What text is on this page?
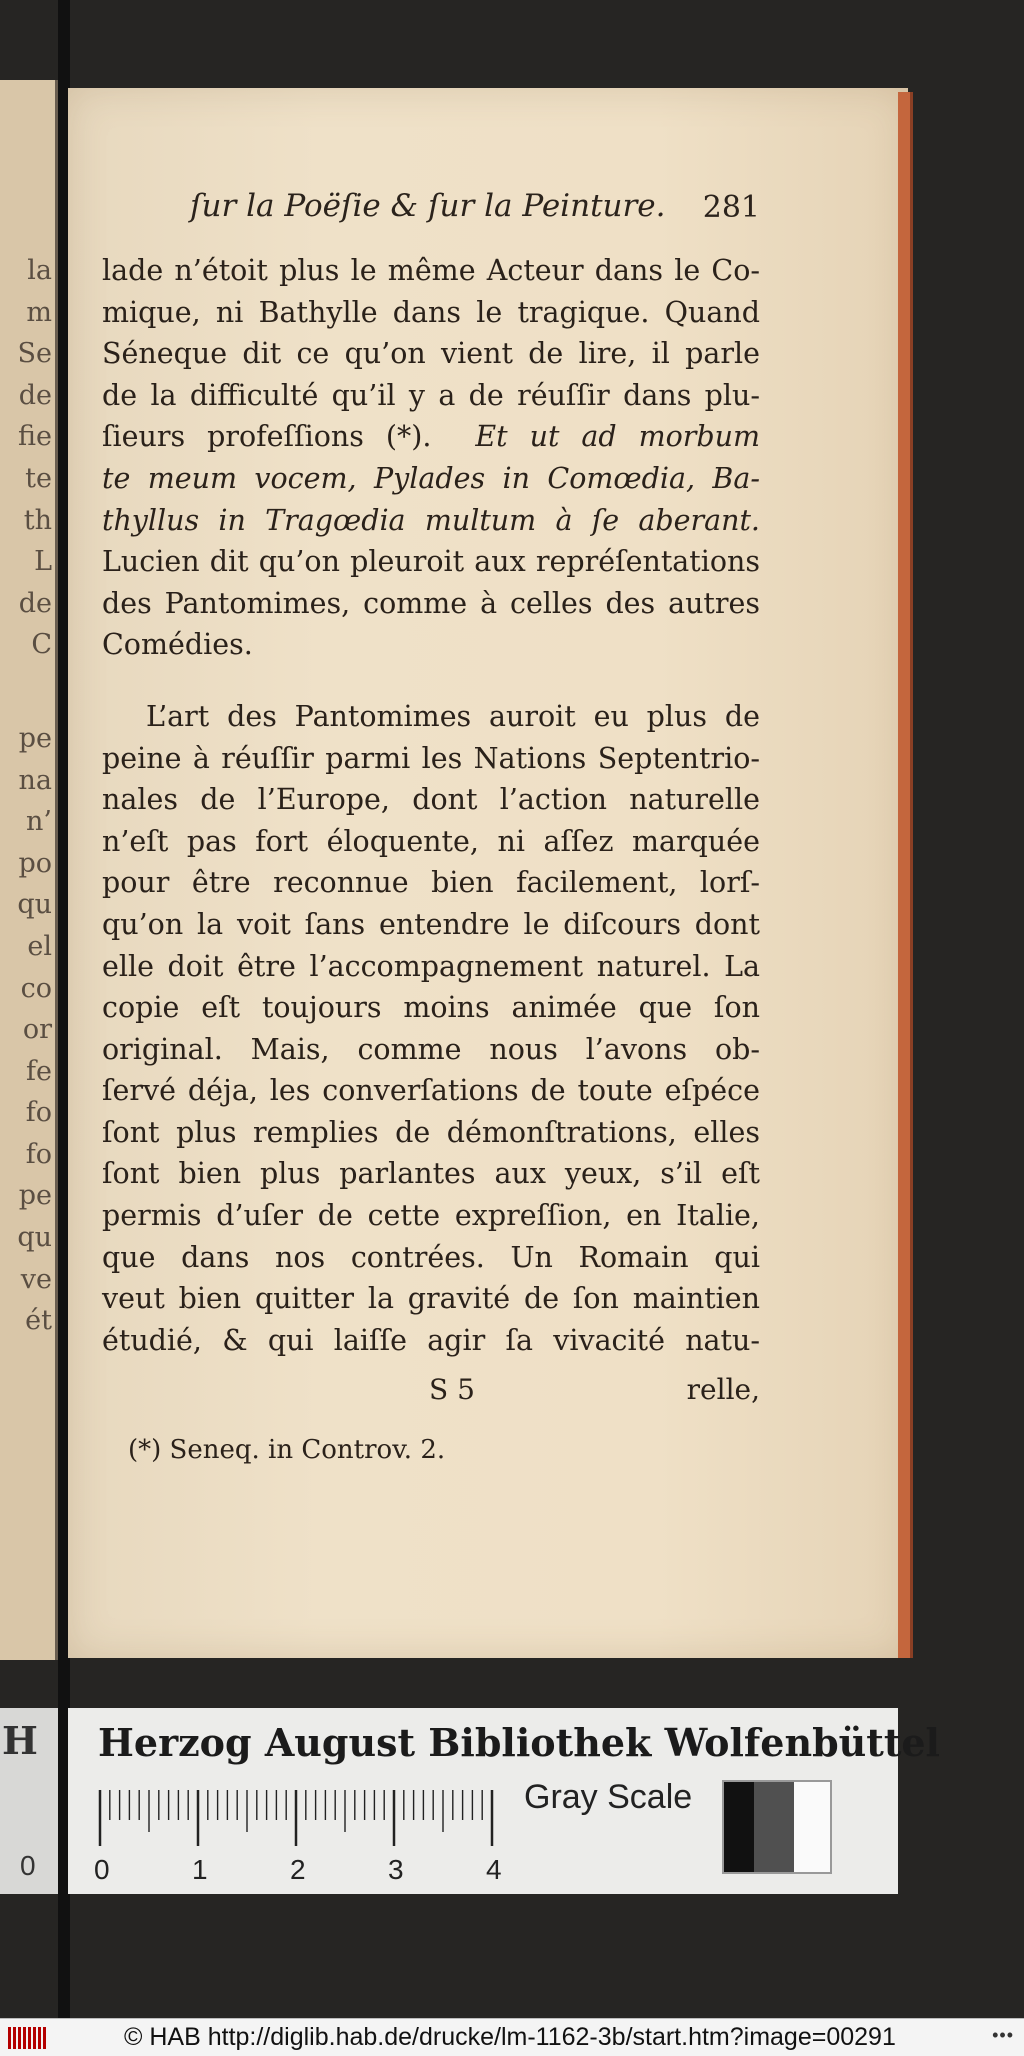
la
m
Se
de
fie
te
th
L
de
C
pe
na
n’
po
qu
el
co
or
fe
fo
fo
pe
qu
ve
ét
ſur la Poëſie & ſur la Peinture. 281
lade n’étoit plus le même Acteur dans le Co-
mique, ni Bathylle dans le tragique. Quand
Séneque dit ce qu’on vient de lire, il parle
de la difficulté qu’il y a de réuſſir dans plu-
ſieurs profeſſions (*). Et ut ad morbum
te meum vocem, Pylades in Comœdia, Ba-
thyllus in Tragœdia multum à ſe aberant.
Lucien dit qu’on pleuroit aux repréſentations
des Pantomimes, comme à celles des autres
Comédies.
L’art des Pantomimes auroit eu plus de
peine à réuſſir parmi les Nations Septentrio-
nales de l’Europe, dont l’action naturelle
n’eſt pas fort éloquente, ni aſſez marquée
pour être reconnue bien facilement, lorſ-
qu’on la voit ſans entendre le diſcours dont
elle doit être l’accompagnement naturel. La
copie eſt toujours moins animée que ſon
original. Mais, comme nous l’avons ob-
ſervé déja, les converſations de toute eſpéce
ſont plus remplies de démonſtrations, elles
ſont bien plus parlantes aux yeux, s’il eſt
permis d’uſer de cette expreſſion, en Italie,
que dans nos contrées. Un Romain qui
veut bien quitter la gravité de ſon maintien
étudié, & qui laiſſe agir ſa vivacité natu-
S 5	relle,
(*) Seneq. in Controv. 2.
H
0
Herzog August Bibliothek Wolfenbüttel
Gray Scale
0	1	2	3	4
© HAB http://diglib.hab.de/drucke/lm-1162-3b/start.htm?image=00291	•••
